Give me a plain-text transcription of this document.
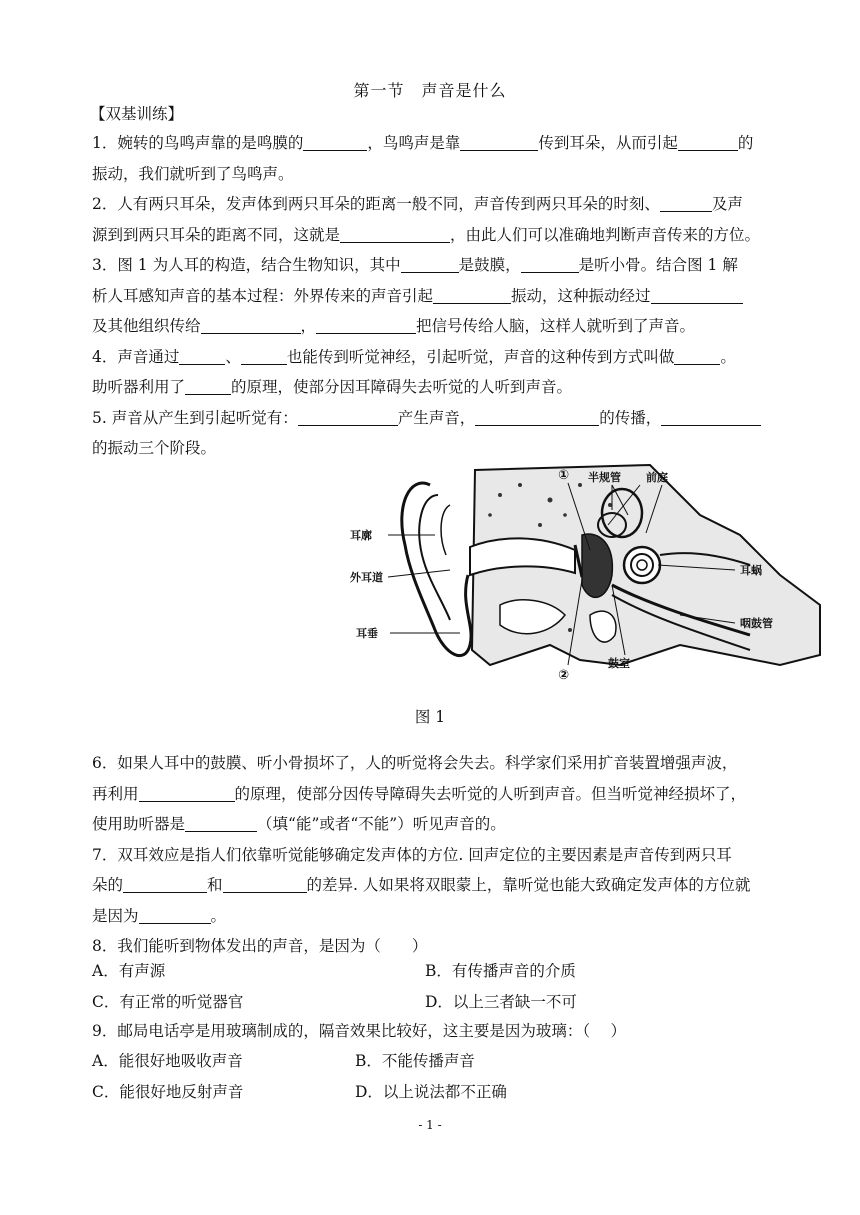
第一节　声音是什么
【双基训练】
1．婉转的鸟鸣声靠的是鸣膜的	，鸟鸣声是靠	传到耳朵，从而引起	的
振动，我们就听到了鸟鸣声。
2．人有两只耳朵，发声体到两只耳朵的距离一般不同，声音传到两只耳朵的时刻、	及声
源到到两只耳朵的距离不同，这就是	，由此人们可以准确地判断声音传来的方位。
3．图 1 为人耳的构造，结合生物知识，其中	是鼓膜，	是听小骨。结合图 1 解
析人耳感知声音的基本过程：外界传来的声音引起	振动，这种振动经过
及其他组织传给	，	把信号传给人脑，这样人就听到了声音。
4．声音通过	、	也能传到听觉神经，引起听觉，声音的这种传到方式叫做	。
助听器利用了	的原理，使部分因耳障碍失去听觉的人听到声音。
5. 声音从产生到引起听觉有：	产生声音，	的传播，
的振动三个阶段。
耳廓
外耳道
耳垂
① 半规管 前庭
耳蜗
咽鼓管
鼓室
②
图 1
6．如果人耳中的鼓膜、听小骨损坏了，人的听觉将会失去。科学家们采用扩音装置增强声波，
再利用	的原理，使部分因传导障碍失去听觉的人听到声音。但当听觉神经损坏了，
使用助听器是	（填“能”或者“不能”）听见声音的。
7．双耳效应是指人们依靠听觉能够确定发声体的方位. 回声定位的主要因素是声音传到两只耳
朵的	和	的差异. 人如果将双眼蒙上，靠听觉也能大致确定发声体的方位就
是因为	。
8．我们能听到物体发出的声音，是因为（　　）
A．有声源	B．有传播声音的介质
C．有正常的听觉器官	D．以上三者缺一不可
9．邮局电话亭是用玻璃制成的，隔音效果比较好，这主要是因为玻璃：（　 ）
A．能很好地吸收声音	B．不能传播声音
C．能很好地反射声音	D．以上说法都不正确
- 1 -
